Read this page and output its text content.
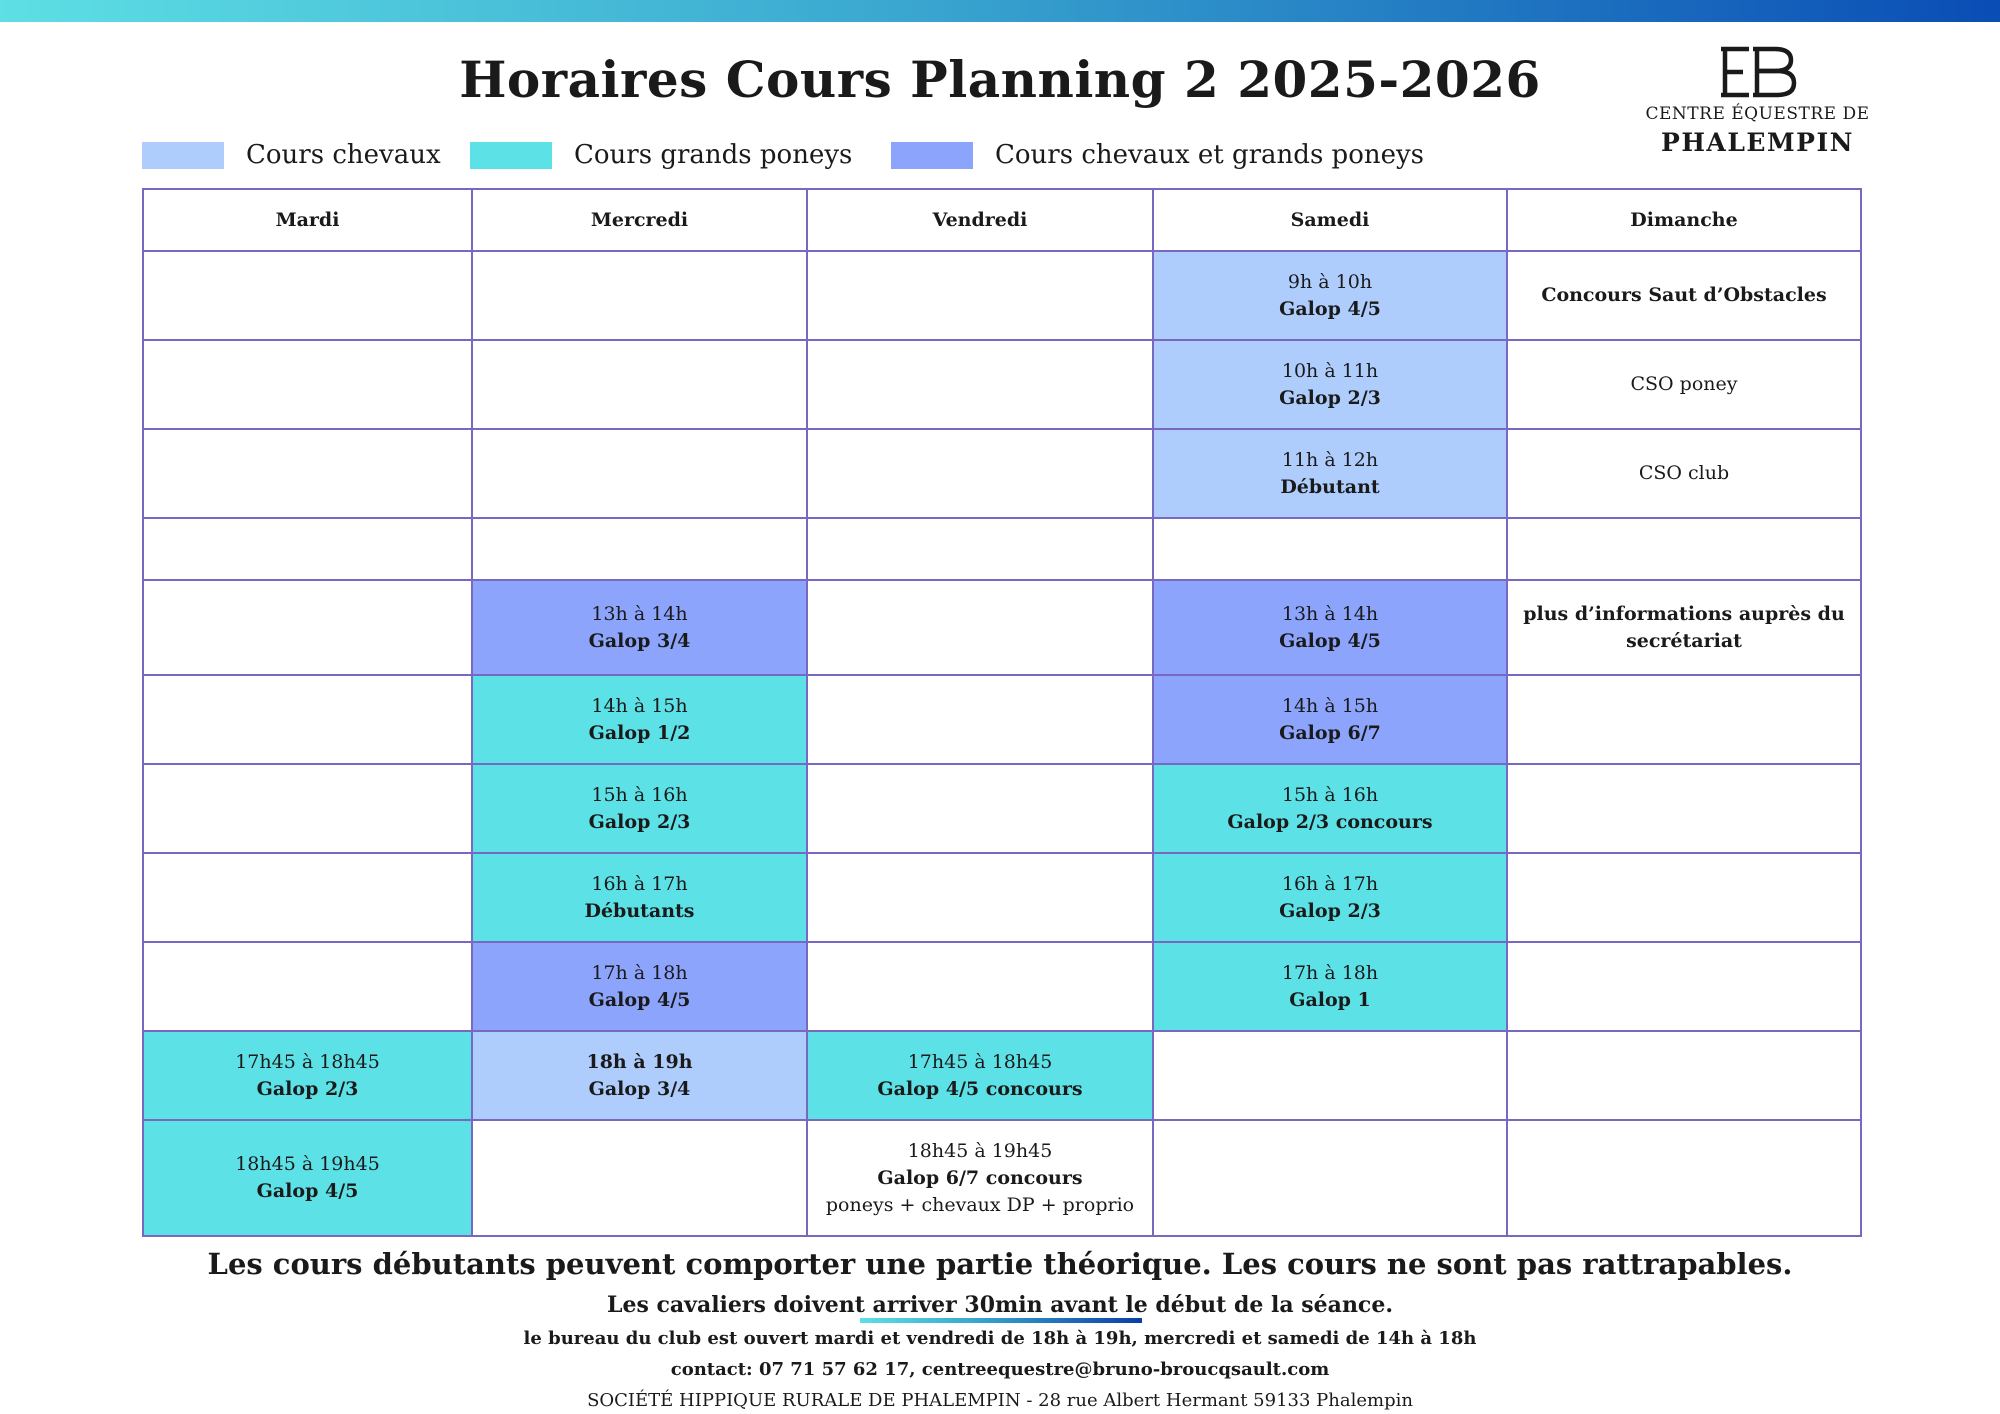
Horaires Cours Planning 2 2025-2026
CENTRE ÉQUESTRE DE
PHALEMPIN
Cours chevaux	Cours grands poneys	Cours chevaux et grands poneys
Mardi	Mercredi	Vendredi	Samedi	Dimanche

			9h à 10h
Galop 4/5	Concours Saut d’Obstacles

			10h à 11h
Galop 2/3	CSO poney

			11h à 12h
Débutant	CSO club

	13h à 14h
Galop 3/4		13h à 14h
Galop 4/5	plus d’informations auprès du secrétariat

	14h à 15h
Galop 1/2		14h à 15h
Galop 6/7	

	15h à 16h
Galop 2/3		15h à 16h
Galop 2/3 concours	

	16h à 17h
Débutants		16h à 17h
Galop 2/3	

	17h à 18h
Galop 4/5		17h à 18h
Galop 1	

17h45 à 18h45
Galop 2/3	18h à 19h
Galop 3/4	17h45 à 18h45
Galop 4/5 concours		

18h45 à 19h45
Galop 4/5		18h45 à 19h45
Galop 6/7 concours
poneys + chevaux DP + proprio		

Les cours débutants peuvent comporter une partie théorique. Les cours ne sont pas rattrapables.
Les cavaliers doivent arriver 30min avant le début de la séance.
le bureau du club est ouvert mardi et vendredi de 18h à 19h, mercredi et samedi de 14h à 18h
contact: 07 71 57 62 17, centreequestre@bruno-broucqsault.com
SOCIÉTÉ HIPPIQUE RURALE DE PHALEMPIN - 28 rue Albert Hermant 59133 Phalempin
